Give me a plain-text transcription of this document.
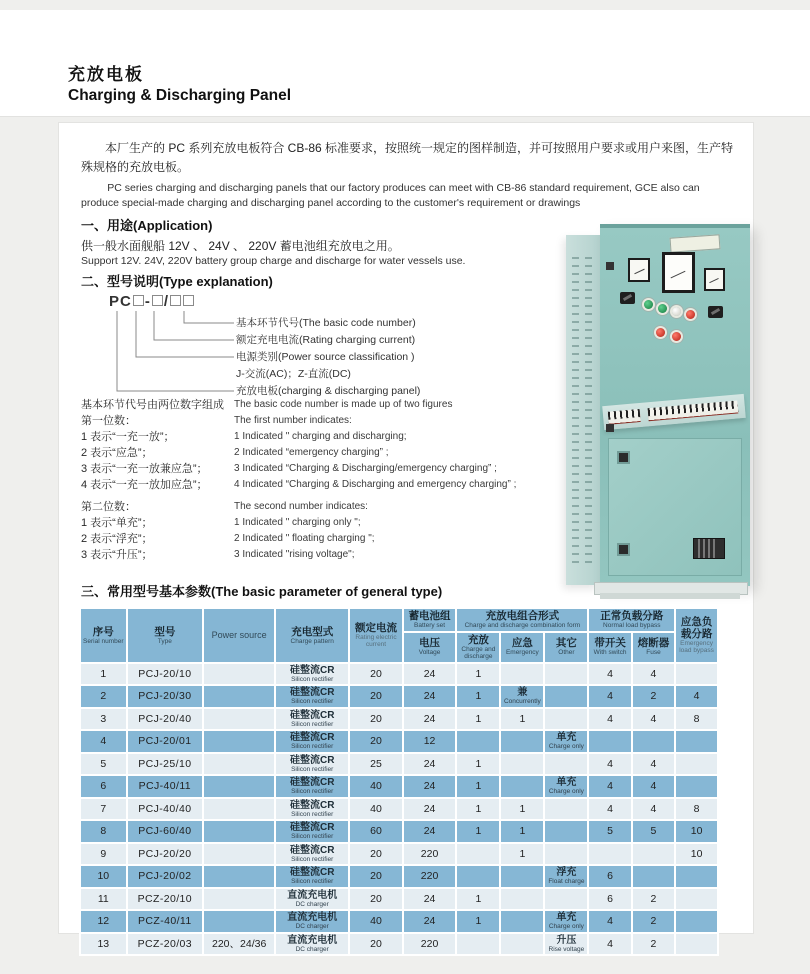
充放电板
Charging & Discharging Panel

本厂生产的 PC 系列充放电板符合 CB-86 标准要求，按照统一规定的图样制造，并可按照用户要求或用户来图，生产特殊规格的充放电板。

PC series charging and discharging panels that our factory produces can meet with CB-86 standard requirement, GCE also can produce special-made charging and discharging panel according to the customer's requirement or drawings

一、用途(Application)

供一般水面舰船 12V 、 24V 、 220V 蓄电池组充放电之用。

Support 12V. 24V, 220V battery group charge and discharge for water vessels use.

二、型号说明(Type explanation)
PC - /
基本环节代号(The basic code number)
额定充电电流(Rating charging current)
电源类别(Power source classification )
J-交流(AC)；Z-直流(DC)
充放电板(charging & discharging panel)
基本环节代号由两位数字组成
第一位数：
1 表示“一充一放”；
2 表示“应急”；
3 表示“一充一放兼应急”；
4 表示“一充一放加应急”；
The basic code number is made up of two figures
The first number indicates:
1 Indicated " charging and discharging;
2 Indicated “emergency charging” ;
3 Indicated “Charging & Discharging/emergency charging” ;
4 Indicated “Charging & Discharging and emergency charging” ;
第二位数：
1 表示“单充”；
2 表示“浮充”；
3 表示“升压”；
The second number indicates:
1 Indicated " charging only ";
2 Indicated " floating charging ";
3 Indicated "rising voltage";
三、常用型号基本参数(The basic parameter of general type)
序号
Serial number	型号
Type	Power source	充电型式
Charge pattern	额定电流
Rating electric current	蓄电池组
Battery set	充放电组合形式
Charge and discharge combination form			正常负载分路
Normal load bypass		应急负载分路
Emergency load bypass

					电压
Voltage	充放
Charge and discharge	应急
Emergency	其它
Other	带开关
With switch	熔断器
Fuse	

1	PCJ-20/10		硅整流CR
Silicon rectifier	20	24	1			4	4	
2	PCJ-20/30		硅整流CR
Silicon rectifier	20	24	1	兼
Concurrently		4	2	4
3	PCJ-20/40		硅整流CR
Silicon rectifier	20	24	1	1		4	4	8
4	PCJ-20/01		硅整流CR
Silicon rectifier	20	12			单充
Charge only

5	PCJ-25/10		硅整流CR
Silicon rectifier	25	24	1			4	4	
6	PCJ-40/11		硅整流CR
Silicon rectifier	40	24	1		单充
Charge only	4	4	
7	PCJ-40/40		硅整流CR
Silicon rectifier	40	24	1	1		4	4	8
8	PCJ-60/40		硅整流CR
Silicon rectifier	60	24	1	1		5	5	10
9	PCJ-20/20		硅整流CR
Silicon rectifier	20	220		1				10
10	PCJ-20/02		硅整流CR
Silicon rectifier	20	220			浮充
Float charge	6		
11	PCZ-20/10		直流充电机
DC charger	20	24	1			6	2	
12	PCZ-40/11		直流充电机
DC charger	40	24	1		单充
Charge only	4	2	
13	PCZ-20/03	220、24/36	直流充电机
DC charger	20	220			升压
Rise voltage	4	2	
